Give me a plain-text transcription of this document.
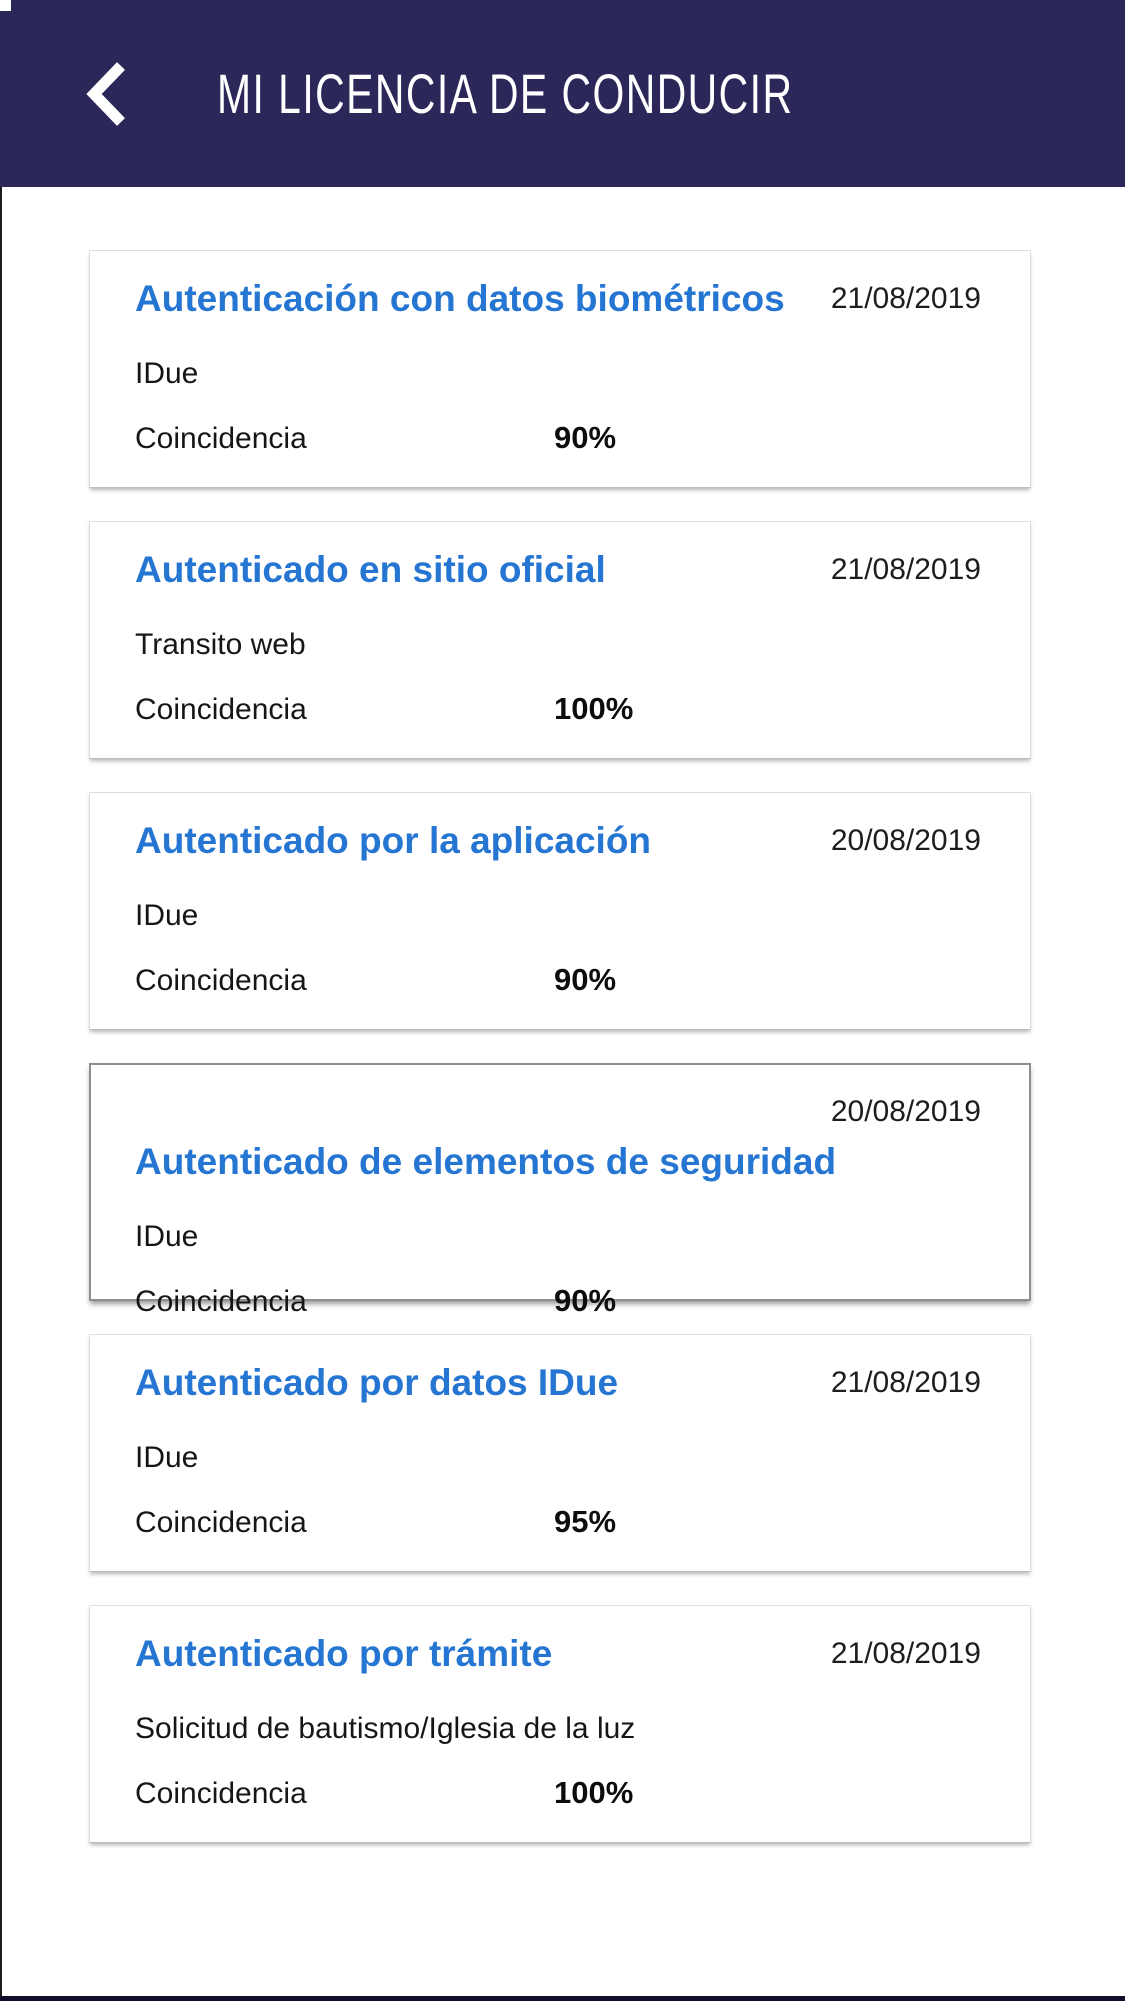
MI LICENCIA DE CONDUCIR
21/08/2019
Autenticación con datos biométricos
IDue
Coincidencia	90%
21/08/2019
Autenticado en sitio oficial
Transito web
Coincidencia	100%
20/08/2019
Autenticado por la aplicación
IDue
Coincidencia	90%
20/08/2019
Autenticado de elementos de seguridad
IDue
Coincidencia	90%
21/08/2019
Autenticado por datos IDue
IDue
Coincidencia	95%
21/08/2019
Autenticado por trámite
Solicitud de bautismo/Iglesia de la luz
Coincidencia	100%
